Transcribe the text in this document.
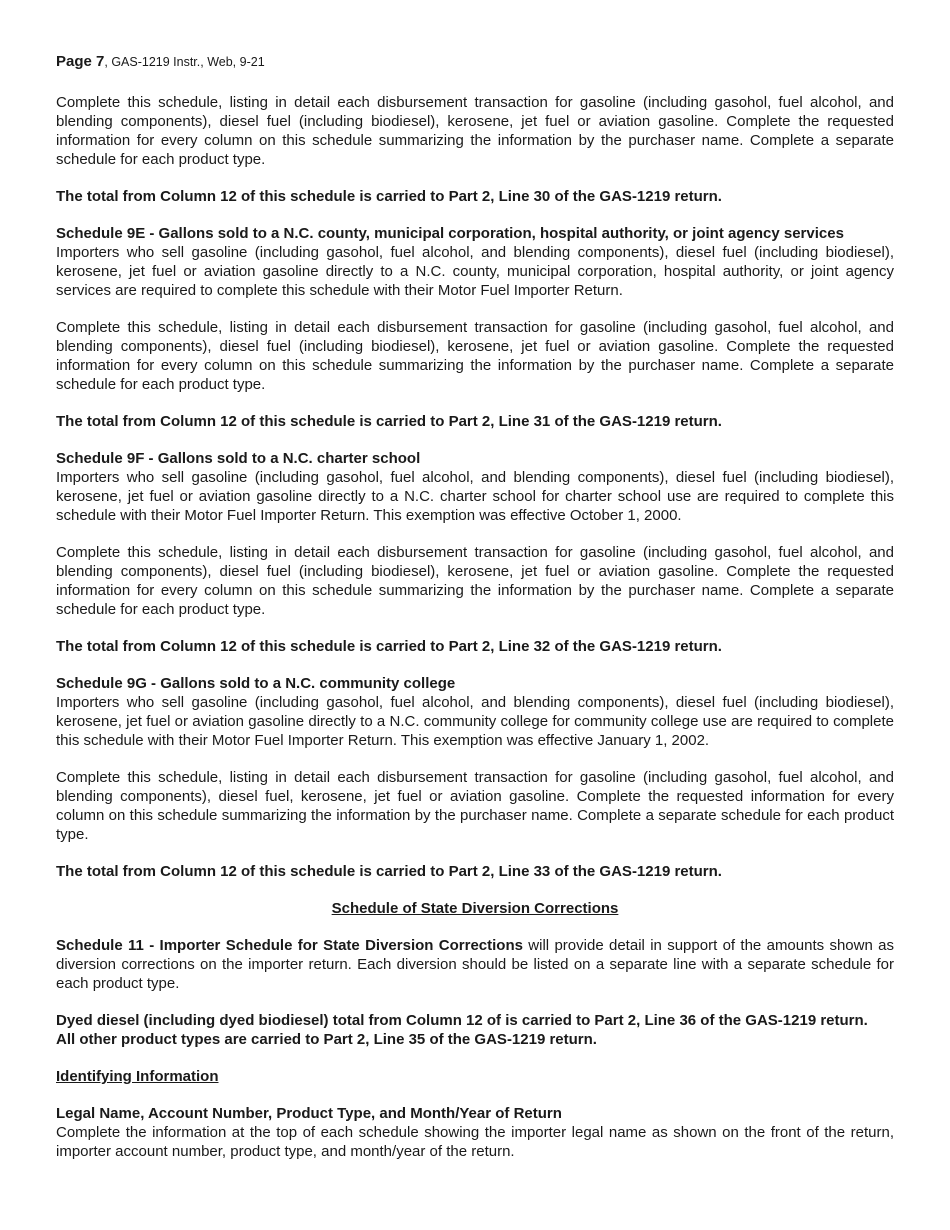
Page 7, GAS-1219 Instr., Web, 9-21

Complete this schedule, listing in detail each disbursement transaction for gasoline (including gasohol, fuel alcohol, and blending components), diesel fuel (including biodiesel), kerosene, jet fuel or aviation gasoline. Complete the requested information for every column on this schedule summarizing the information by the purchaser name. Complete a separate schedule for each product type.

The total from Column 12 of this schedule is carried to Part 2, Line 30 of the GAS-1219 return.

Schedule 9E - Gallons sold to a N.C. county, municipal corporation, hospital authority, or joint agency services

Importers who sell gasoline (including gasohol, fuel alcohol, and blending components), diesel fuel (including biodiesel), kerosene, jet fuel or aviation gasoline directly to a N.C. county, municipal corporation, hospital authority, or joint agency services are required to complete this schedule with their Motor Fuel Importer Return.

Complete this schedule, listing in detail each disbursement transaction for gasoline (including gasohol, fuel alcohol, and blending components), diesel fuel (including biodiesel), kerosene, jet fuel or aviation gasoline. Complete the requested information for every column on this schedule summarizing the information by the purchaser name. Complete a separate schedule for each product type.

The total from Column 12 of this schedule is carried to Part 2, Line 31 of the GAS-1219 return.

Schedule 9F - Gallons sold to a N.C. charter school

Importers who sell gasoline (including gasohol, fuel alcohol, and blending components), diesel fuel (including biodiesel), kerosene, jet fuel or aviation gasoline directly to a N.C. charter school for charter school use are required to complete this schedule with their Motor Fuel Importer Return. This exemption was effective October 1, 2000.

Complete this schedule, listing in detail each disbursement transaction for gasoline (including gasohol, fuel alcohol, and blending components), diesel fuel (including biodiesel), kerosene, jet fuel or aviation gasoline. Complete the requested information for every column on this schedule summarizing the information by the purchaser name. Complete a separate schedule for each product type.

The total from Column 12 of this schedule is carried to Part 2, Line 32 of the GAS-1219 return.

Schedule 9G - Gallons sold to a N.C. community college

Importers who sell gasoline (including gasohol, fuel alcohol, and blending components), diesel fuel (including biodiesel), kerosene, jet fuel or aviation gasoline directly to a N.C. community college for community college use are required to complete this schedule with their Motor Fuel Importer Return. This exemption was effective January 1, 2002.

Complete this schedule, listing in detail each disbursement transaction for gasoline (including gasohol, fuel alcohol, and blending components), diesel fuel, kerosene, jet fuel or aviation gasoline. Complete the requested information for every column on this schedule summarizing the information by the purchaser name. Complete a separate schedule for each product type.

The total from Column 12 of this schedule is carried to Part 2, Line 33 of the GAS-1219 return.

Schedule of State Diversion Corrections

Schedule 11 - Importer Schedule for State Diversion Corrections will provide detail in support of the amounts shown as diversion corrections on the importer return. Each diversion should be listed on a separate line with a separate schedule for each product type.

Dyed diesel (including dyed biodiesel) total from Column 12 of is carried to Part 2, Line 36 of the GAS-1219 return.

All other product types are carried to Part 2, Line 35 of the GAS-1219 return.

Identifying Information

Legal Name, Account Number, Product Type, and Month/Year of Return

Complete the information at the top of each schedule showing the importer legal name as shown on the front of the return, importer account number, product type, and month/year of the return.
